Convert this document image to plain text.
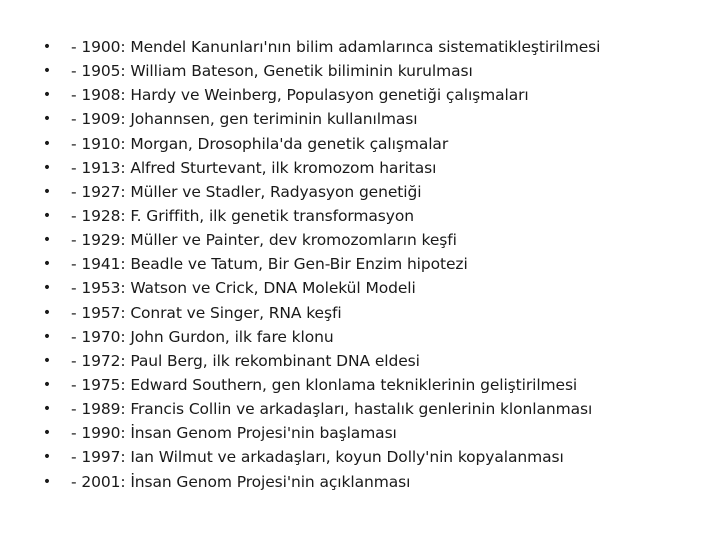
• - 1900: Mendel Kanunları'nın bilim adamlarınca sistematikleştirilmesi
• - 1905: William Bateson, Genetik biliminin kurulması
• - 1908: Hardy ve Weinberg, Populasyon genetiği çalışmaları
• - 1909: Johannsen, gen teriminin kullanılması
• - 1910: Morgan, Drosophila'da genetik çalışmalar
• - 1913: Alfred Sturtevant, ilk kromozom haritası
• - 1927: Müller ve Stadler, Radyasyon genetiği
• - 1928: F. Griffith, ilk genetik transformasyon
• - 1929: Müller ve Painter, dev kromozomların keşfi
• - 1941: Beadle ve Tatum, Bir Gen-Bir Enzim hipotezi
• - 1953: Watson ve Crick, DNA Molekül Modeli
• - 1957: Conrat ve Singer, RNA keşfi
• - 1970: John Gurdon, ilk fare klonu
• - 1972: Paul Berg, ilk rekombinant DNA eldesi
• - 1975: Edward Southern, gen klonlama tekniklerinin geliştirilmesi
• - 1989: Francis Collin ve arkadaşları, hastalık genlerinin klonlanması
• - 1990: İnsan Genom Projesi'nin başlaması
• - 1997: Ian Wilmut ve arkadaşları, koyun Dolly'nin kopyalanması
• - 2001: İnsan Genom Projesi'nin açıklanması
